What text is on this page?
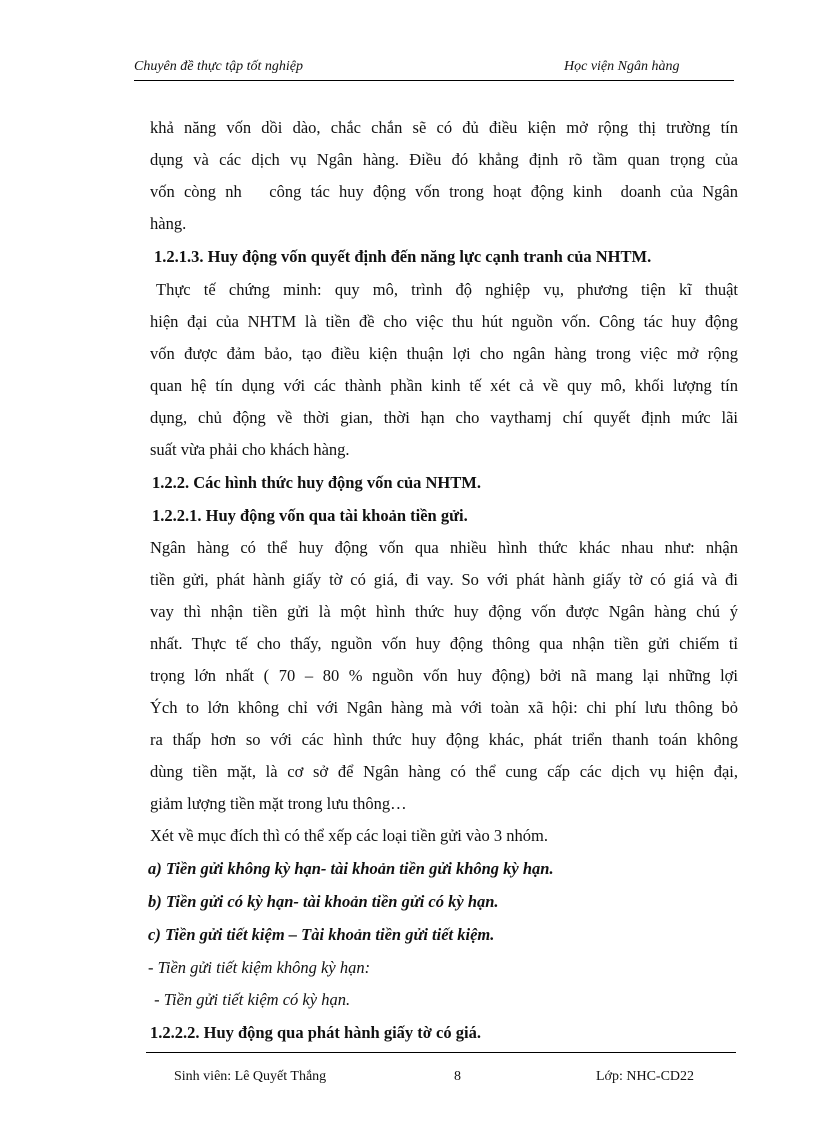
Chuyên đề thực tập tốt nghiệp	Học viện Ngân hàng
khả năng vốn dồi dào, chắc chắn sẽ có đủ điều kiện mở rộng thị trường tín
dụng và các dịch vụ Ngân hàng. Điều đó khẳng định rõ tầm quan trọng của
vốn còng nh   công tác huy động vốn trong hoạt động kinh  doanh của Ngân
hàng.
1.2.1.3. Huy động vốn quyết định đến năng lực cạnh tranh của NHTM.
Thực tế chứng minh: quy mô, trình độ nghiệp vụ, phương tiện kĩ thuật
hiện đại của NHTM là tiền đề cho việc thu hút nguồn vốn. Công tác huy động
vốn được đảm bảo, tạo điều kiện thuận lợi cho ngân hàng trong việc mở rộng
quan hệ tín dụng với các thành phần kinh tế xét cả về quy mô, khối lượng tín
dụng, chủ động về thời gian, thời hạn cho vaythamj chí quyết định mức lãi
suất vừa phải cho khách hàng.
1.2.2. Các hình thức huy động vốn của NHTM.
1.2.2.1. Huy động vốn qua tài khoản tiền gửi.
Ngân hàng có thể huy động vốn qua nhiều hình thức khác nhau như: nhận
tiền gửi, phát hành giấy tờ có giá, đi vay. So với phát hành giấy tờ có giá và đi
vay thì nhận tiền gửi là một hình thức huy động vốn được Ngân hàng chú ý
nhất. Thực tế cho thấy, nguồn vốn huy động thông qua nhận tiền gửi chiếm tỉ
trọng lớn nhất ( 70 – 80 % nguồn vốn huy động) bởi nã mang lại những lợi
Ých to lớn không chỉ với Ngân hàng mà với toàn xã hội: chi phí lưu thông bỏ
ra thấp hơn so với các hình thức huy động khác, phát triển thanh toán không
dùng tiền mặt, là cơ sở để Ngân hàng có thể cung cấp các dịch vụ hiện đại,
giảm lượng tiền mặt trong lưu thông…
Xét về mục đích thì có thể xếp các loại tiền gửi vào 3 nhóm.
a) Tiền gửi không kỳ hạn- tài khoản tiền gửi không kỳ hạn.
b) Tiền gửi có kỳ hạn- tài khoản tiền gửi có kỳ hạn.
c) Tiền gửi tiết kiệm – Tài khoản tiền gửi tiết kiệm.
- Tiền gửi tiết kiệm không kỳ hạn:
- Tiền gửi tiết kiệm có kỳ hạn.
1.2.2.2. Huy động qua phát hành giấy tờ có giá.
Sinh viên: Lê Quyết Thắng	8	Lớp: NHC-CD22
